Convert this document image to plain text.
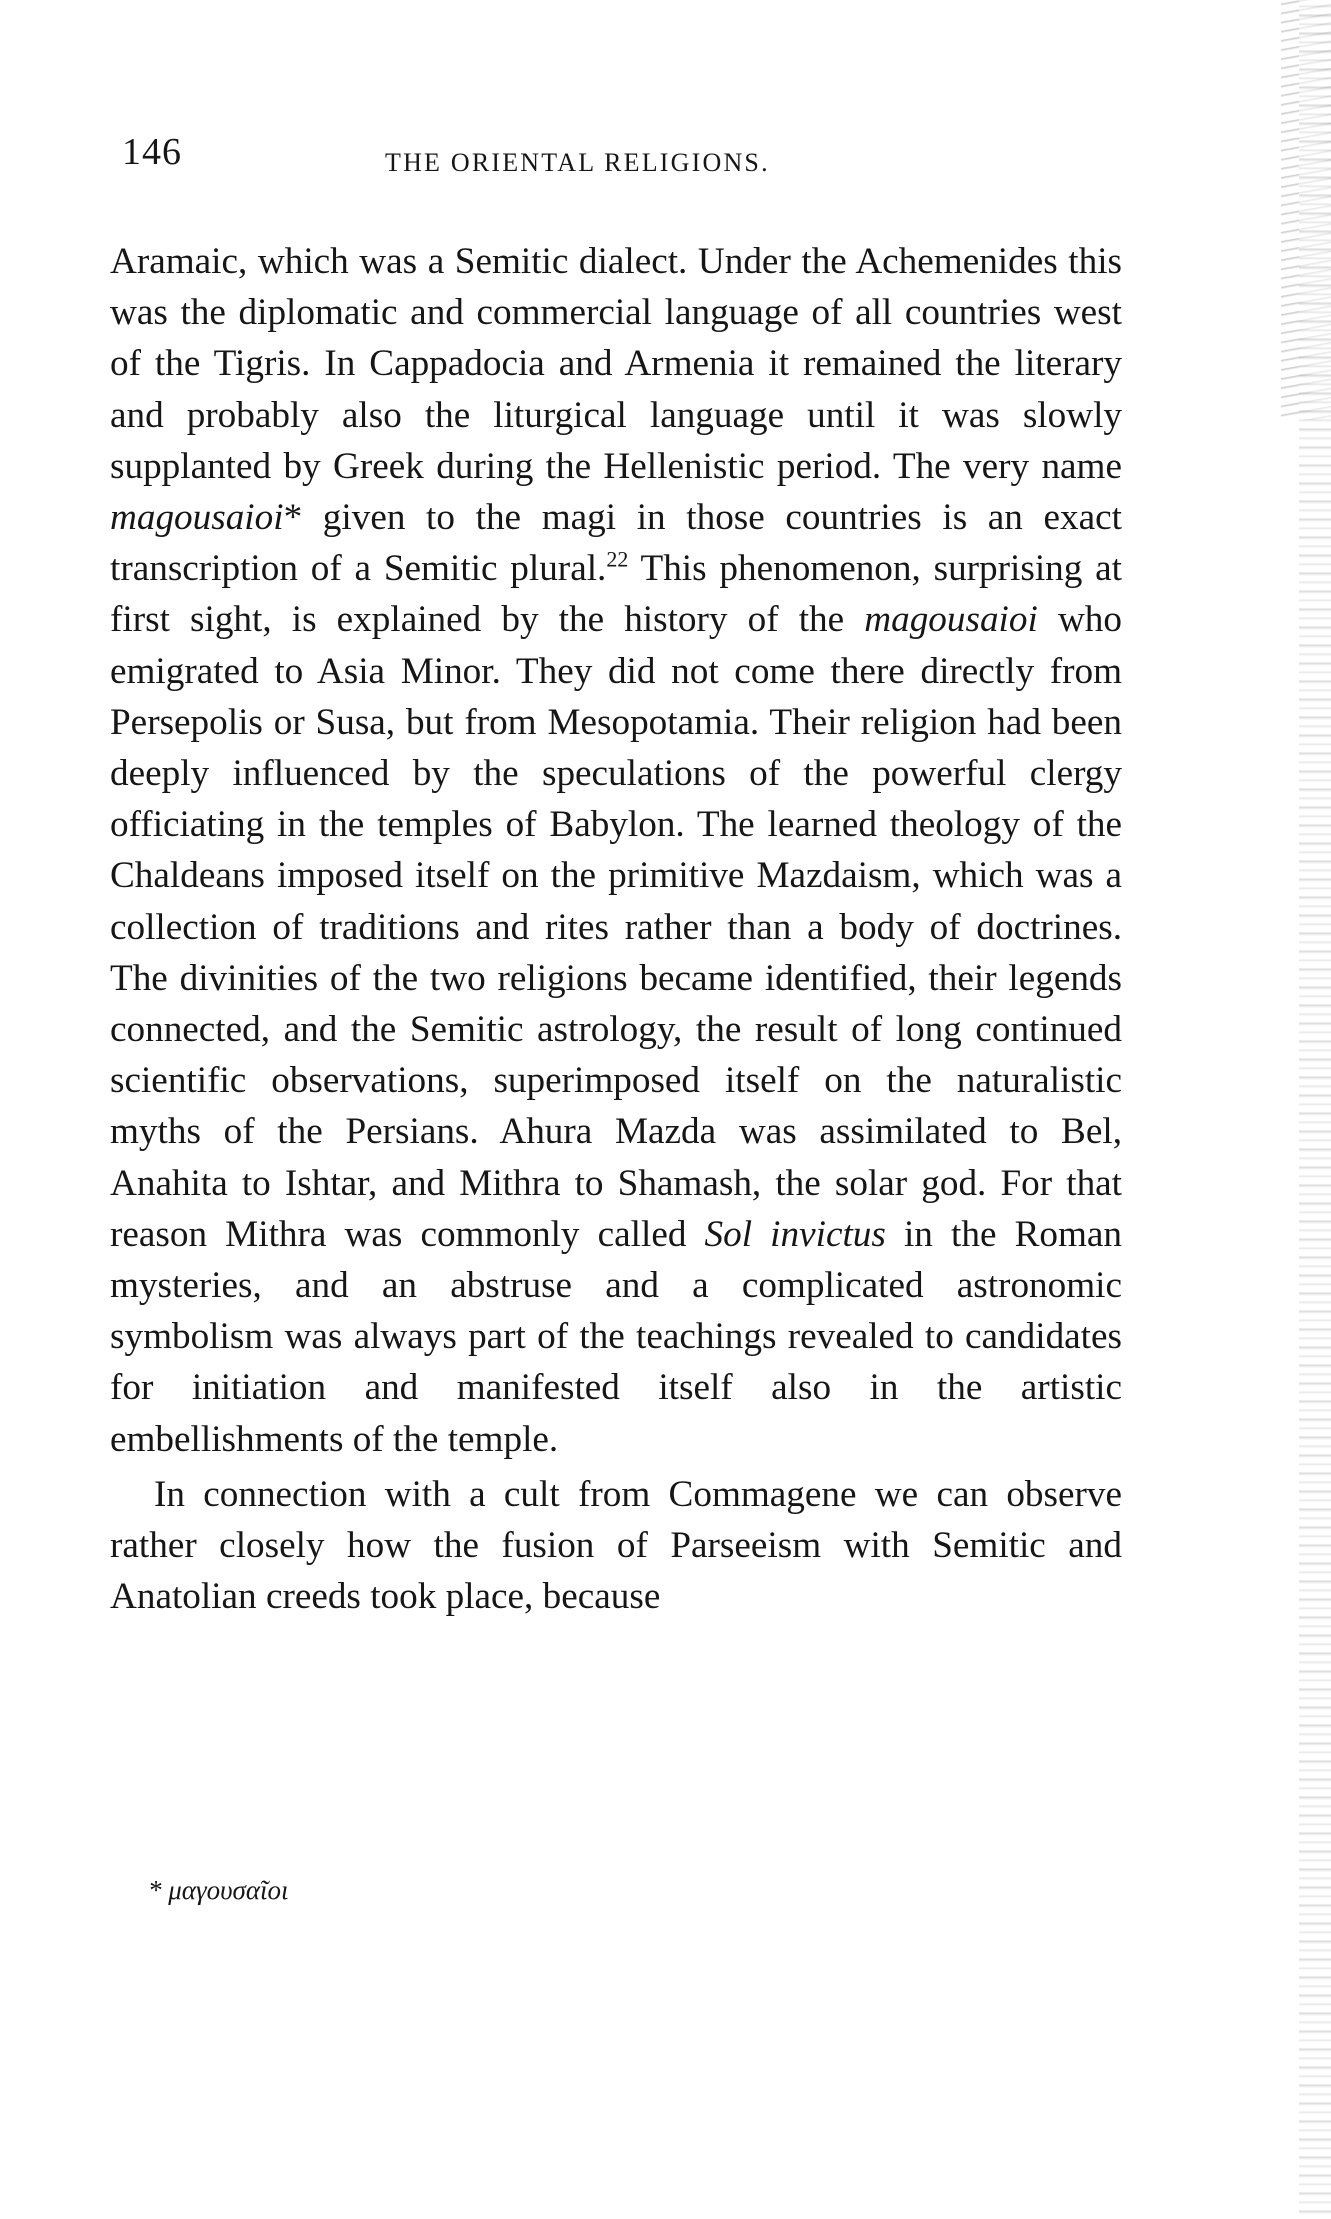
146	THE ORIENTAL RELIGIONS.

Aramaic, which was a Semitic dialect. Under the Achemenides this was the diplomatic and commercial language of all countries west of the Tigris. In Cappadocia and Armenia it remained the literary and probably also the liturgical language until it was slowly supplanted by Greek during the Hellenistic period. The very name magousaioi* given to the magi in those countries is an exact transcription of a Semitic plural.$^{22}$ This phenomenon, surprising at first sight, is explained by the history of the magousaioi who emigrated to Asia Minor. They did not come there directly from Persepolis or Susa, but from Mesopotamia. Their religion had been deeply influenced by the speculations of the powerful clergy officiating in the temples of Babylon. The learned theology of the Chaldeans imposed itself on the primitive Mazdaism, which was a collection of traditions and rites rather than a body of doctrines. The divinities of the two religions became identified, their legends connected, and the Semitic astrology, the result of long continued scientific observations, superimposed itself on the naturalistic myths of the Persians. Ahura Mazda was assimilated to Bel, Anahita to Ishtar, and Mithra to Shamash, the solar god. For that reason Mithra was commonly called Sol invictus in the Roman mysteries, and an abstruse and a complicated astronomic symbolism was always part of the teachings revealed to candidates for initiation and manifested itself also in the artistic embellishments of the temple.

In connection with a cult from Commagene we can observe rather closely how the fusion of Parseeism with Semitic and Anatolian creeds took place, because

* μαγουσαῖοι
